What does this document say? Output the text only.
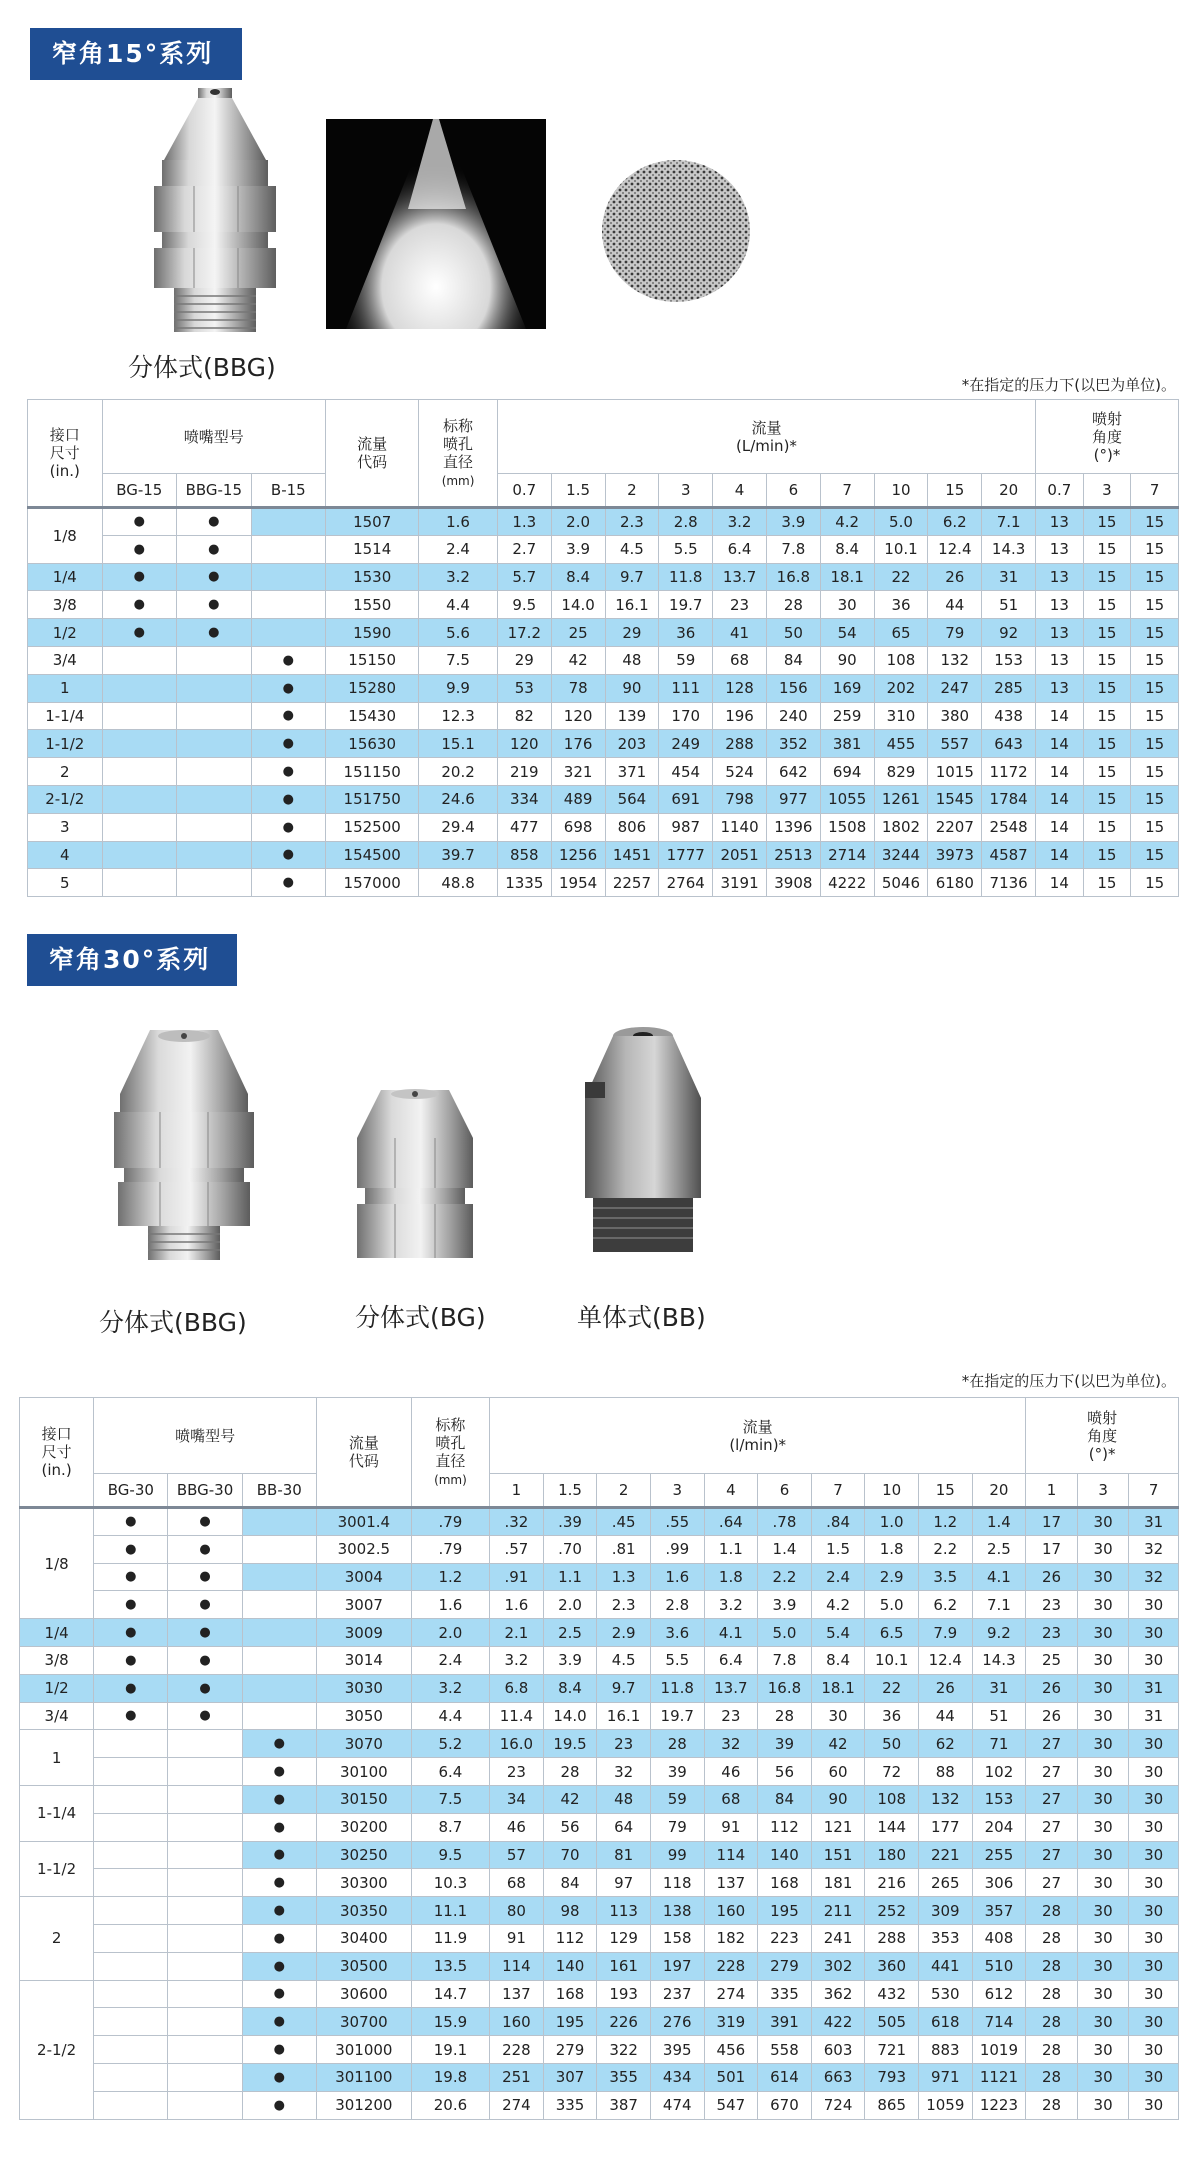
窄角15°系列
分体式(BBG)
*在指定的压力下(以巴为单位)。
接口
尺寸
(in.)	喷嘴型号			流量
代码	标称
喷孔
直径
(mm)	流量
(L/min)*										喷射
角度
(°)*		
	BG-15	BBG-15	B-15			0.7	1.5	2	3	4	6	7	10	15	20	0.7	3	7
1/8	●	●		1507	1.6	1.3	2.0	2.3	2.8	3.2	3.9	4.2	5.0	6.2	7.1	13	15	15
	●	●		1514	2.4	2.7	3.9	4.5	5.5	6.4	7.8	8.4	10.1	12.4	14.3	13	15	15
1/4	●	●		1530	3.2	5.7	8.4	9.7	11.8	13.7	16.8	18.1	22	26	31	13	15	15
3/8	●	●		1550	4.4	9.5	14.0	16.1	19.7	23	28	30	36	44	51	13	15	15
1/2	●	●		1590	5.6	17.2	25	29	36	41	50	54	65	79	92	13	15	15
3/4			●	15150	7.5	29	42	48	59	68	84	90	108	132	153	13	15	15
1			●	15280	9.9	53	78	90	111	128	156	169	202	247	285	13	15	15
1-1/4			●	15430	12.3	82	120	139	170	196	240	259	310	380	438	14	15	15
1-1/2			●	15630	15.1	120	176	203	249	288	352	381	455	557	643	14	15	15
2			●	151150	20.2	219	321	371	454	524	642	694	829	1015	1172	14	15	15
2-1/2			●	151750	24.6	334	489	564	691	798	977	1055	1261	1545	1784	14	15	15
3			●	152500	29.4	477	698	806	987	1140	1396	1508	1802	2207	2548	14	15	15
4			●	154500	39.7	858	1256	1451	1777	2051	2513	2714	3244	3973	4587	14	15	15
5			●	157000	48.8	1335	1954	2257	2764	3191	3908	4222	5046	6180	7136	14	15	15
窄角30°系列
分体式(BBG)	分体式(BG)	单体式(BB)
*在指定的压力下(以巴为单位)。
接口
尺寸
(in.)	喷嘴型号			流量
代码	标称
喷孔
直径
(mm)	流量
(l/min)*										喷射
角度
(°)*		
	BG-30	BBG-30	BB-30			1	1.5	2	3	4	6	7	10	15	20	1	3	7
1/8	●	●		3001.4	.79	.32	.39	.45	.55	.64	.78	.84	1.0	1.2	1.4	17	30	31
	●	●		3002.5	.79	.57	.70	.81	.99	1.1	1.4	1.5	1.8	2.2	2.5	17	30	32
	●	●		3004	1.2	.91	1.1	1.3	1.6	1.8	2.2	2.4	2.9	3.5	4.1	26	30	32
	●	●		3007	1.6	1.6	2.0	2.3	2.8	3.2	3.9	4.2	5.0	6.2	7.1	23	30	30
1/4	●	●		3009	2.0	2.1	2.5	2.9	3.6	4.1	5.0	5.4	6.5	7.9	9.2	23	30	30
3/8	●	●		3014	2.4	3.2	3.9	4.5	5.5	6.4	7.8	8.4	10.1	12.4	14.3	25	30	30
1/2	●	●		3030	3.2	6.8	8.4	9.7	11.8	13.7	16.8	18.1	22	26	31	26	30	31
3/4	●	●		3050	4.4	11.4	14.0	16.1	19.7	23	28	30	36	44	51	26	30	31
1			●	3070	5.2	16.0	19.5	23	28	32	39	42	50	62	71	27	30	30
			●	30100	6.4	23	28	32	39	46	56	60	72	88	102	27	30	30
1-1/4			●	30150	7.5	34	42	48	59	68	84	90	108	132	153	27	30	30
			●	30200	8.7	46	56	64	79	91	112	121	144	177	204	27	30	30
1-1/2			●	30250	9.5	57	70	81	99	114	140	151	180	221	255	27	30	30
			●	30300	10.3	68	84	97	118	137	168	181	216	265	306	27	30	30
2			●	30350	11.1	80	98	113	138	160	195	211	252	309	357	28	30	30
			●	30400	11.9	91	112	129	158	182	223	241	288	353	408	28	30	30
			●	30500	13.5	114	140	161	197	228	279	302	360	441	510	28	30	30
2-1/2			●	30600	14.7	137	168	193	237	274	335	362	432	530	612	28	30	30
			●	30700	15.9	160	195	226	276	319	391	422	505	618	714	28	30	30
			●	301000	19.1	228	279	322	395	456	558	603	721	883	1019	28	30	30
			●	301100	19.8	251	307	355	434	501	614	663	793	971	1121	28	30	30
			●	301200	20.6	274	335	387	474	547	670	724	865	1059	1223	28	30	30
